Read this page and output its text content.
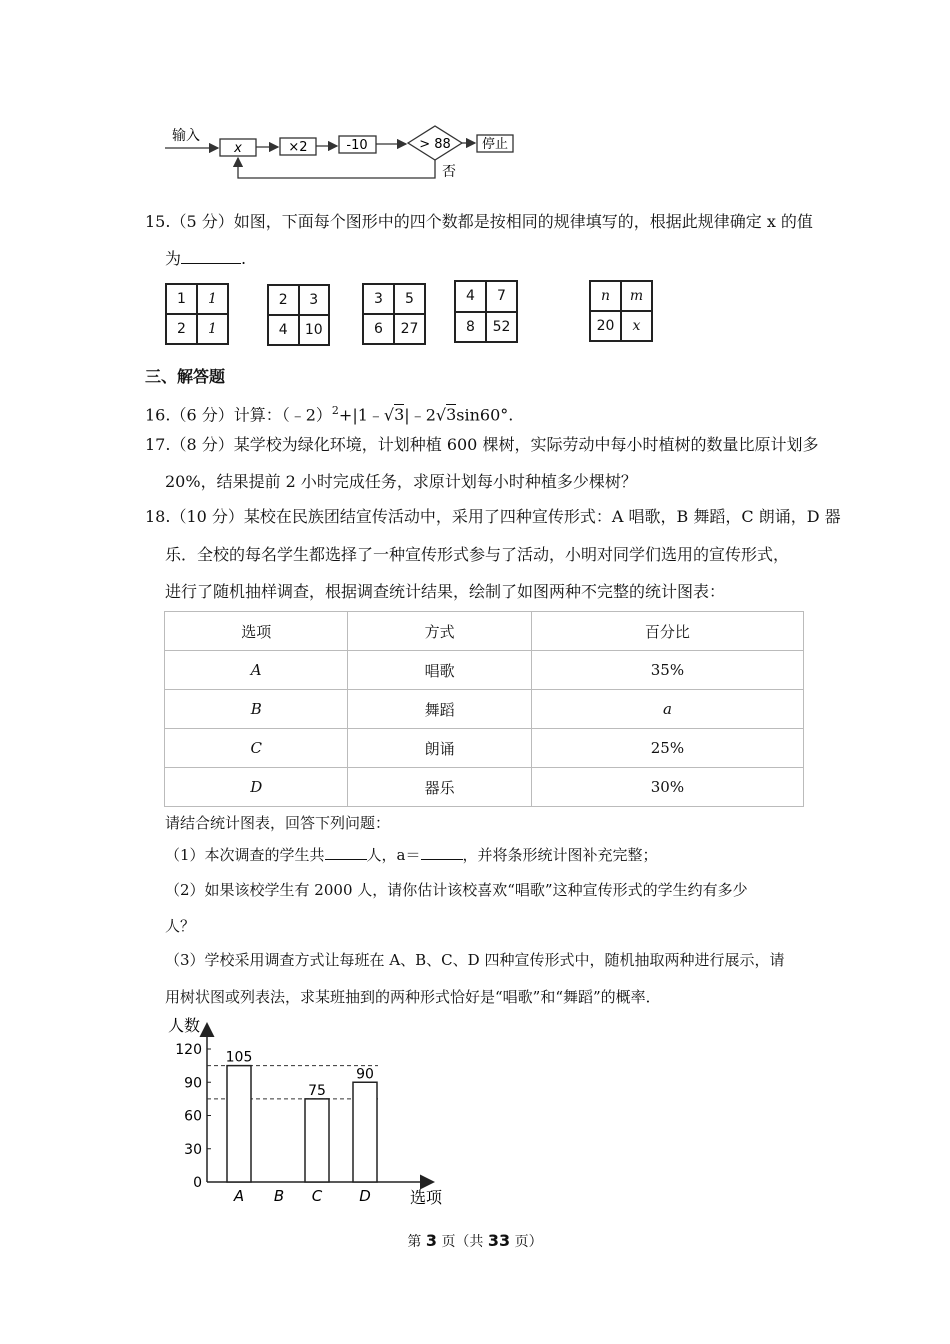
输入
x	×2	-10	> 88 停止
否
15.（5 分）如图，下面每个图形中的四个数都是按相同的规律填写的，根据此规律确定 x 的值
为	.
1	1
2	1
2	3
4	10
3	5
6	27
4	7
8	52
n	m
20	x
三、解答题
16.（6 分）计算：（﹣2）$^2$+|1﹣√3|﹣2√3sin60°.
17.（8 分）某学校为绿化环境，计划种植 600 棵树，实际劳动中每小时植树的数量比原计划多
20%，结果提前 2 小时完成任务，求原计划每小时种植多少棵树？
18.（10 分）某校在民族团结宣传活动中，采用了四种宣传形式：A 唱歌，B 舞蹈，C 朗诵，D 器
乐．全校的每名学生都选择了一种宣传形式参与了活动，小明对同学们选用的宣传形式，
进行了随机抽样调查，根据调查统计结果，绘制了如图两种不完整的统计图表：
选项	方式	百分比
A	唱歌	35%
B	舞蹈	a
C	朗诵	25%
D	器乐	30%
请结合统计图表，回答下列问题：
（1）本次调查的学生共	人，a＝	，并将条形统计图补充完整；
（2）如果该校学生有 2000 人，请你估计该校喜欢“唱歌”这种宣传形式的学生约有多少
人？
（3）学校采用调查方式让每班在 A、B、C、D 四种宣传形式中，随机抽取两种进行展示，请
用树状图或列表法，求某班抽到的两种形式恰好是“唱歌”和“舞蹈”的概率．
人数
选项
0
30
60
90
120 105
A B
75
C
90
D
第 3 页（共 33 页）
